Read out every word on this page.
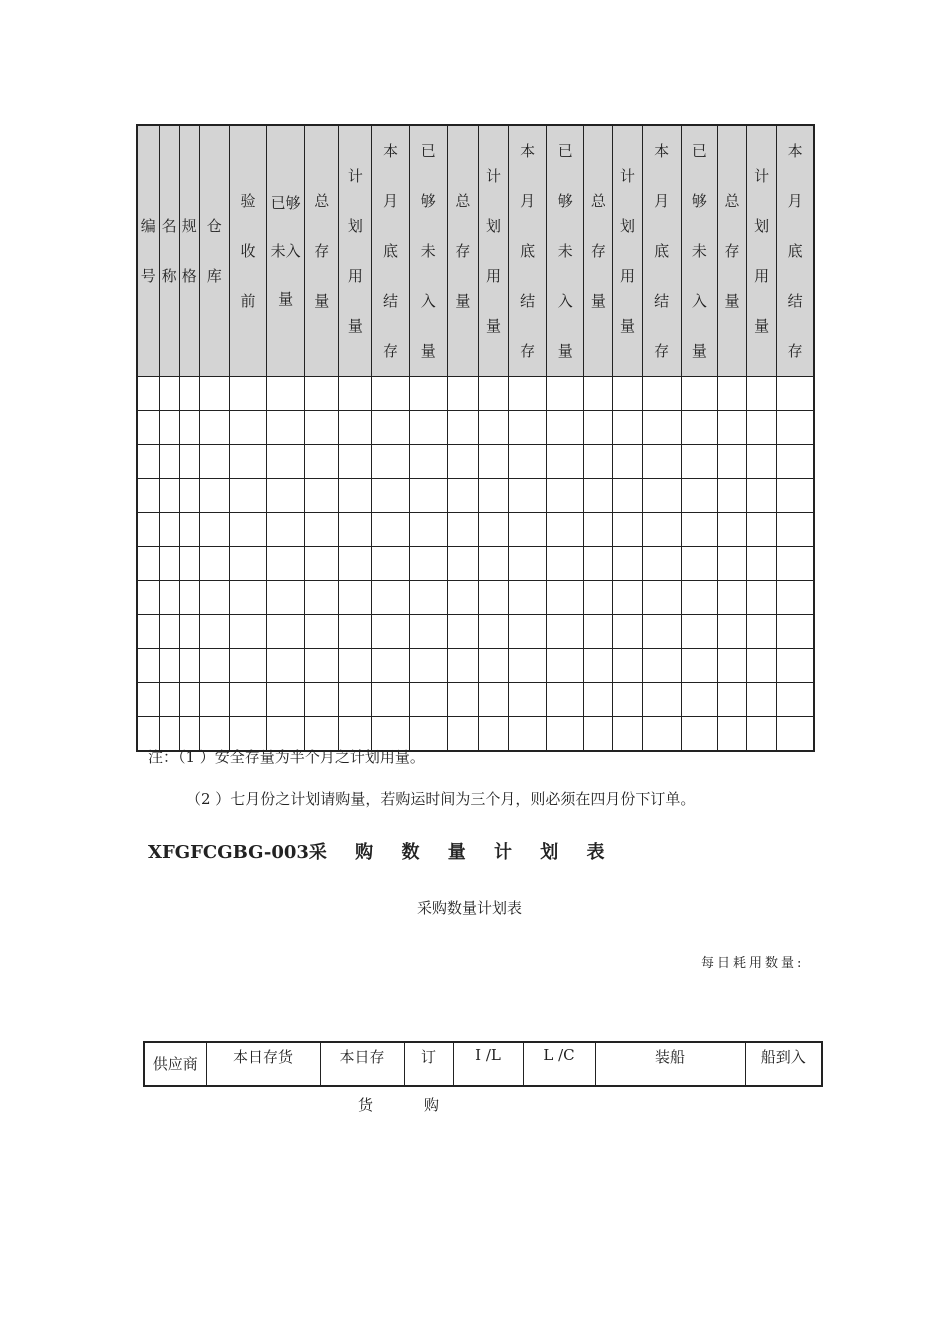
编号	名称	规格	仓库	验收前	已够未入量	总存量	计划用量	本月底结存	已够未入量	总存量	计划用量	本月底结存	已够未入量	总存量	计划用量	本月底结存	已够未入量	总存量	计划用量	本月底结存

注：（1 ）安全存量为半个月之计划用量。
（2 ）七月份之计划请购量，若购运时间为三个月，则必须在四月份下订单。
XFGFCGBG-003采 购 数 量 计 划 表
采购数量计划表
每日耗用数量:
供应商	本日存货	本日存	订	I /L	L /C	装船	船到入
货	购
